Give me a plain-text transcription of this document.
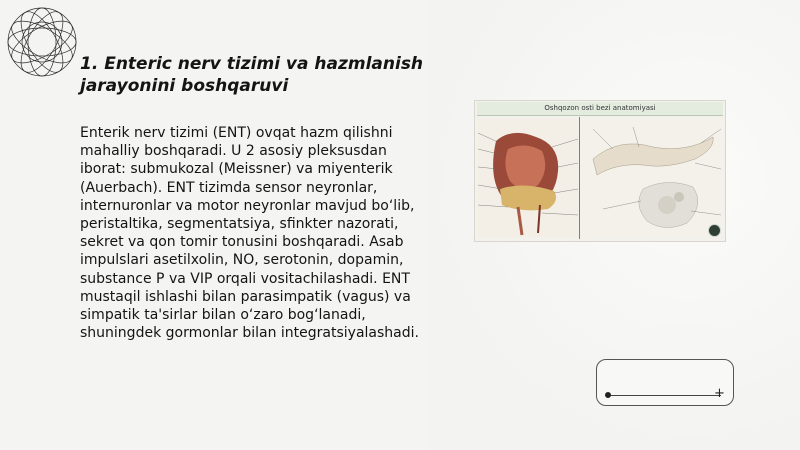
1. Enteric nerv tizimi va hazmlanish jarayonini boshqaruvi

Enterik nerv tizimi (ENT) ovqat hazm qilishni mahalliy boshqaradi. U 2 asosiy pleksusdan iborat: submukozal (Meissner) va miyenterik (Auerbach). ENT tizimda sensor neyronlar, internuronlar va motor neyronlar mavjud bo‘lib, peristaltika, segmentatsiya, sfinkter nazorati, sekret va qon tomir tonusini boshqaradi. Asab impulslari asetilxolin, NO, serotonin, dopamin, substance P va VIP orqali vositachilashadi. ENT mustaqil ishlashi bilan parasimpatik (vagus) va simpatik ta'sirlar bilan o‘zaro bog‘lanadi, shuningdek gormonlar bilan integratsiyalashadi.

Oshqozon osti bezi anatomiyasi
+
